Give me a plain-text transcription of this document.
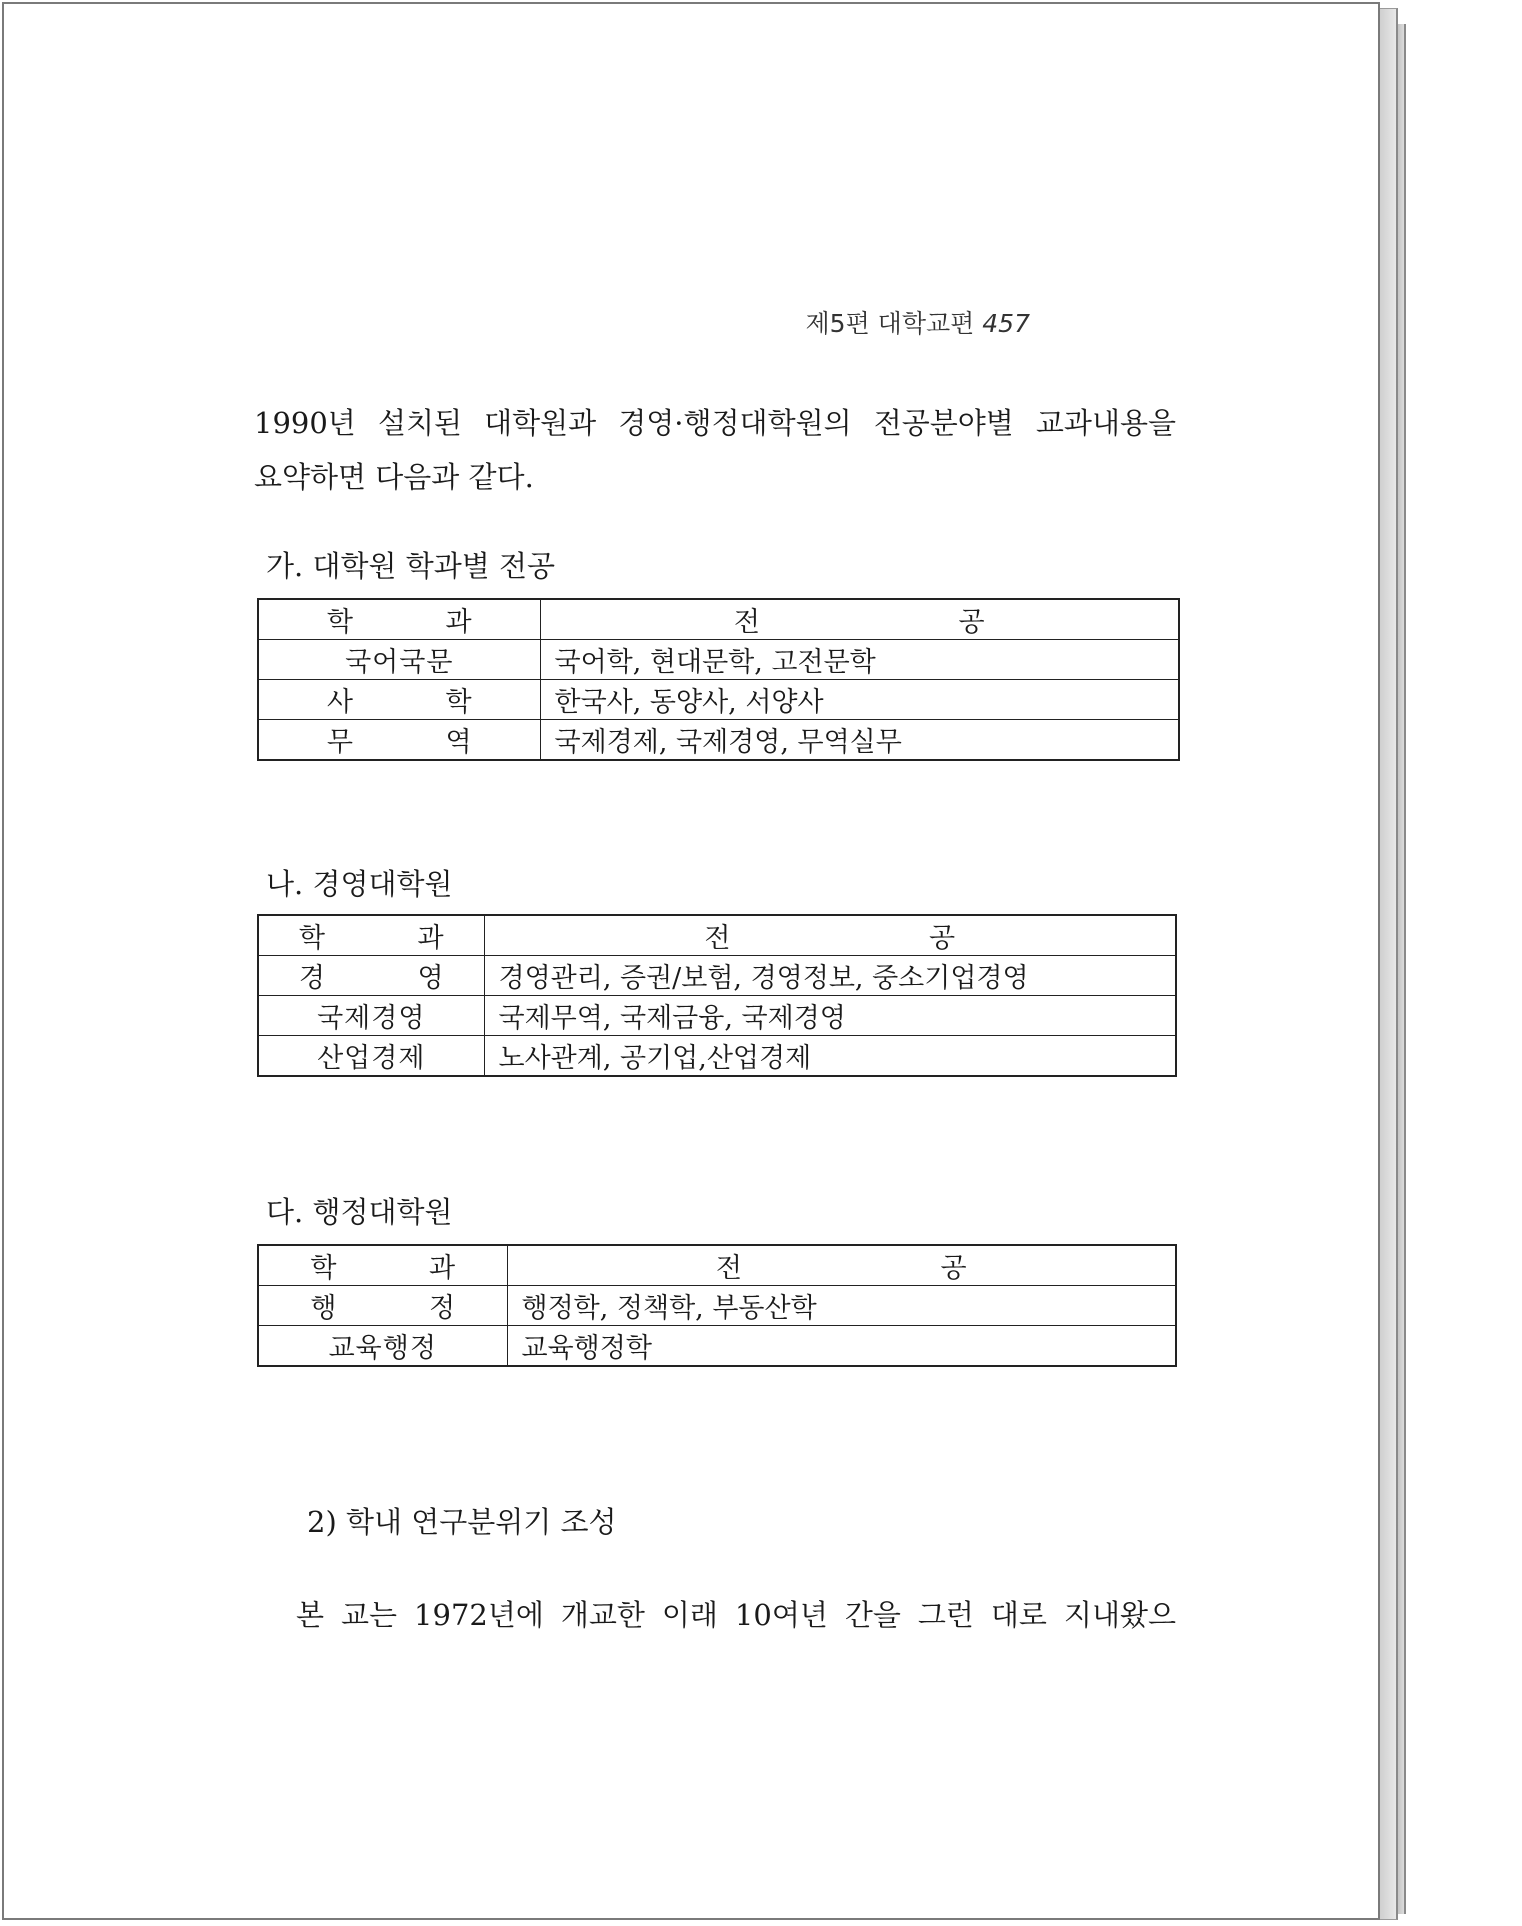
제5편 대학교편 457
1990년 설치된 대학원과 경영·행정대학원의 전공분야별 교과내용을
요약하면 다음과 같다.
가. 대학원 학과별 전공
학 과	전 공
국어국문	국어학, 현대문학, 고전문학
사 학	한국사, 동양사, 서양사
무 역	국제경제, 국제경영, 무역실무
나. 경영대학원
학 과	전 공
경 영	경영관리, 증권/보험, 경영정보, 중소기업경영
국제경영	국제무역, 국제금융, 국제경영
산업경제	노사관계, 공기업,산업경제
다. 행정대학원
학 과	전 공
행 정	행정학, 정책학, 부동산학
교육행정	교육행정학
2) 학내 연구분위기 조성
본 교는 1972년에 개교한 이래 10여년 간을 그런 대로 지내왔으
